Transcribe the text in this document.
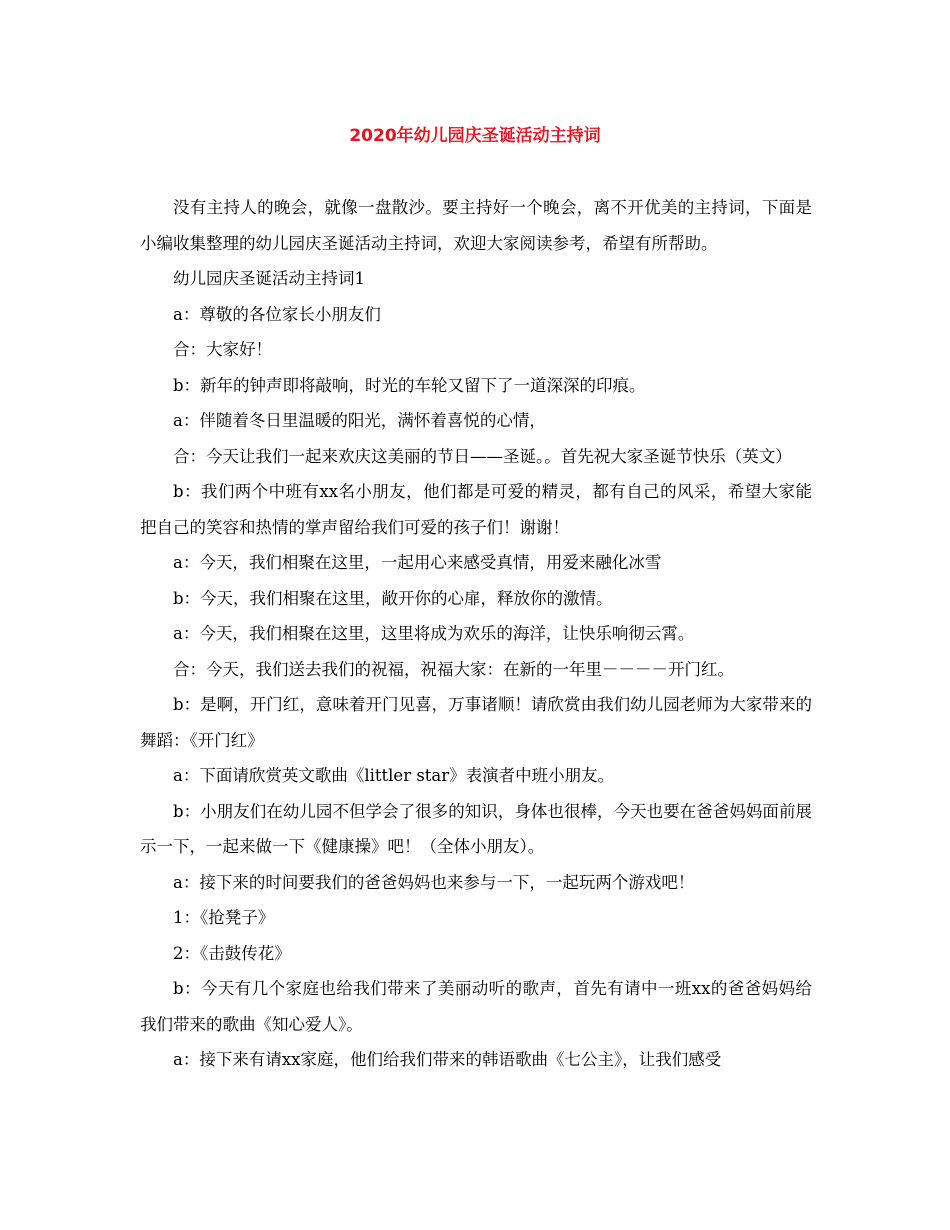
2020年幼儿园庆圣诞活动主持词

没有主持人的晚会，就像一盘散沙。要主持好一个晚会，离不开优美的主持词，下面是小编收集整理的幼儿园庆圣诞活动主持词，欢迎大家阅读参考，希望有所帮助。

幼儿园庆圣诞活动主持词1

a：尊敬的各位家长小朋友们

合：大家好！

b：新年的钟声即将敲响，时光的车轮又留下了一道深深的印痕。

a：伴随着冬日里温暖的阳光，满怀着喜悦的心情，

合：今天让我们一起来欢庆这美丽的节日——圣诞。。首先祝大家圣诞节快乐（英文）

b：我们两个中班有xx名小朋友，他们都是可爱的精灵，都有自己的风采，希望大家能把自己的笑容和热情的掌声留给我们可爱的孩子们！谢谢！

a：今天，我们相聚在这里，一起用心来感受真情，用爱来融化冰雪

b：今天，我们相聚在这里，敞开你的心扉，释放你的激情。

a：今天，我们相聚在这里，这里将成为欢乐的海洋，让快乐响彻云霄。

合：今天，我们送去我们的祝福，祝福大家：在新的一年里－－－－开门红。

b：是啊，开门红，意味着开门见喜，万事诸顺！请欣赏由我们幼儿园老师为大家带来的舞蹈：《开门红》

a：下面请欣赏英文歌曲《littler star》表演者中班小朋友。

b：小朋友们在幼儿园不但学会了很多的知识，身体也很棒，今天也要在爸爸妈妈面前展示一下，一起来做一下《健康操》吧！（全体小朋友）。

a：接下来的时间要我们的爸爸妈妈也来参与一下，一起玩两个游戏吧！

1：《抢凳子》

2：《击鼓传花》

b：今天有几个家庭也给我们带来了美丽动听的歌声，首先有请中一班xx的爸爸妈妈给我们带来的歌曲《知心爱人》。

a：接下来有请xx家庭，他们给我们带来的韩语歌曲《七公主》，让我们感受
